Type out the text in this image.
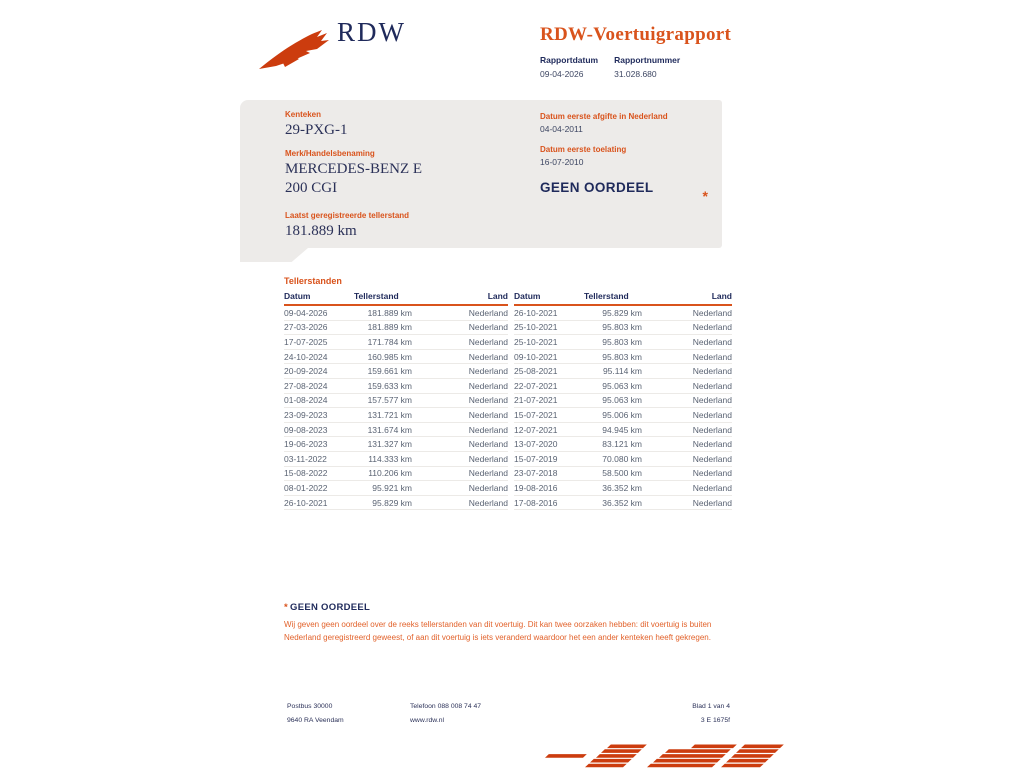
RDW	RDW-Voertuigrapport
Rapportdatum
09-04-2026
Rapportnummer
31.028.680
Kenteken
29-PXG-1
Merk/Handelsbenaming
MERCEDES-BENZ E 200 CGI
Laatst geregistreerde tellerstand
181.889 km
Datum eerste afgifte in Nederland
04-04-2011
Datum eerste toelating
16-07-2010
GEEN OORDEEL
*
Tellerstanden
Datum	Tellerstand	Land
09-04-2026	181.889 km	Nederland
27-03-2026	181.889 km	Nederland
17-07-2025	171.784 km	Nederland
24-10-2024	160.985 km	Nederland
20-09-2024	159.661 km	Nederland
27-08-2024	159.633 km	Nederland
01-08-2024	157.577 km	Nederland
23-09-2023	131.721 km	Nederland
09-08-2023	131.674 km	Nederland
19-06-2023	131.327 km	Nederland
03-11-2022	114.333 km	Nederland
15-08-2022	110.206 km	Nederland
08-01-2022	95.921 km	Nederland
26-10-2021	95.829 km	Nederland
Datum	Tellerstand	Land
26-10-2021	95.829 km	Nederland
25-10-2021	95.803 km	Nederland
25-10-2021	95.803 km	Nederland
09-10-2021	95.803 km	Nederland
25-08-2021	95.114 km	Nederland
22-07-2021	95.063 km	Nederland
21-07-2021	95.063 km	Nederland
15-07-2021	95.006 km	Nederland
12-07-2021	94.945 km	Nederland
13-07-2020	83.121 km	Nederland
15-07-2019	70.080 km	Nederland
23-07-2018	58.500 km	Nederland
19-08-2016	36.352 km	Nederland
17-08-2016	36.352 km	Nederland
* GEEN OORDEEL
Wij geven geen oordeel over de reeks tellerstanden van dit voertuig. Dit kan twee oorzaken hebben: dit voertuig is buiten Nederland geregistreerd geweest, of aan dit voertuig is iets veranderd waardoor het een ander kenteken heeft gekregen.
Postbus 30000
9640 RA Veendam
Telefoon 088 008 74 47
www.rdw.nl
Blad 1 van 4
3 E 1675f
